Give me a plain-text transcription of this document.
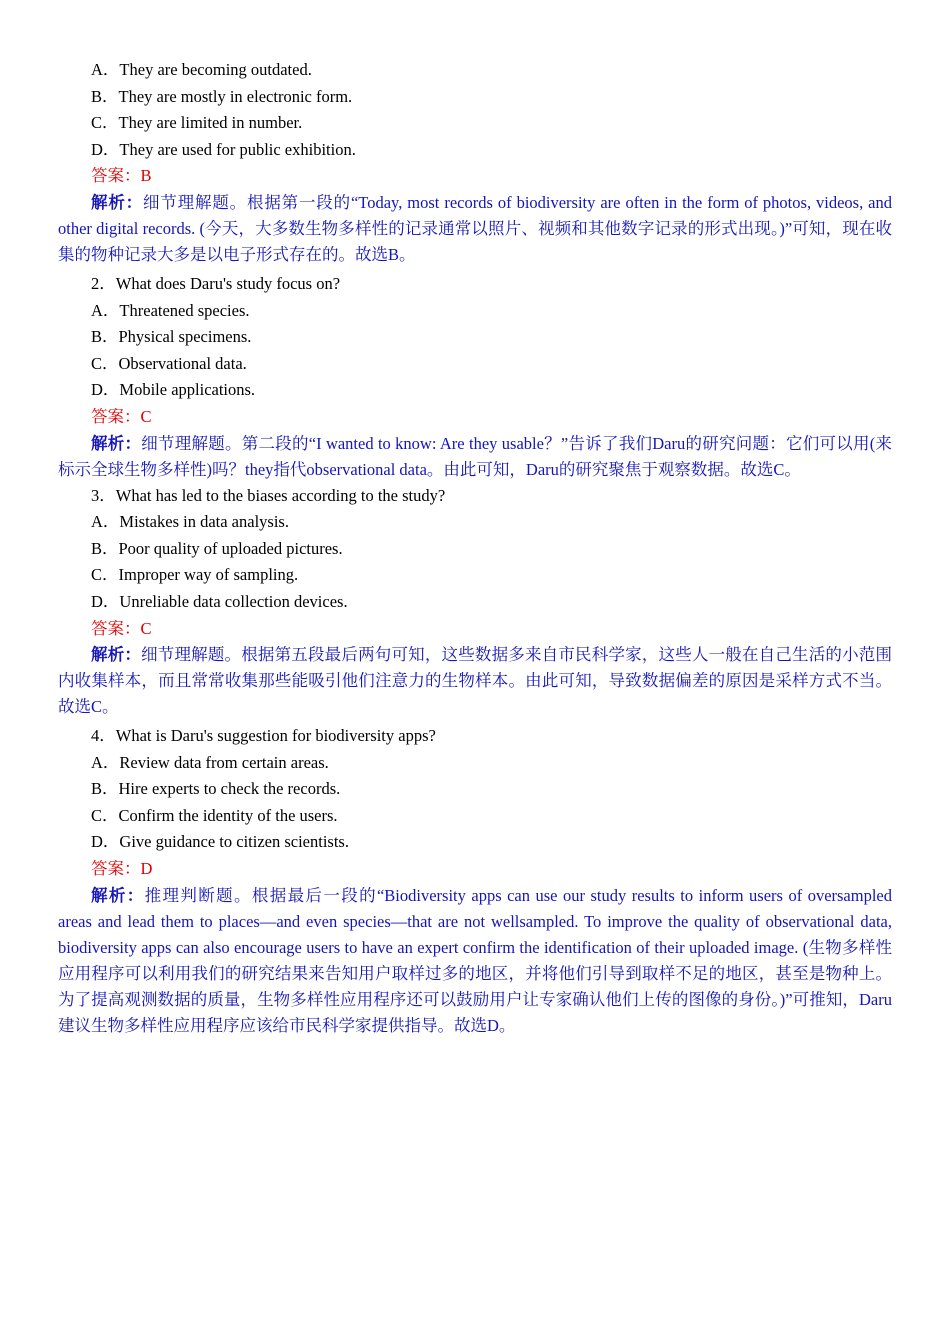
A．They are becoming outdated.

B．They are mostly in electronic form.

C．They are limited in number.

D．They are used for public exhibition.

答案：B

解析：细节理解题。根据第一段的“Today, most records of biodiversity are often in the form of photos, videos, and other digital records. (今天，大多数生物多样性的记录通常以照片、视频和其他数字记录的形式出现。)”可知，现在收集的物种记录大多是以电子形式存在的。故选B。

2．What does Daru's study focus on?

A．Threatened species.

B．Physical specimens.

C．Observational data.

D．Mobile applications.

答案：C

解析：细节理解题。第二段的“I wanted to know: Are they usable？”告诉了我们Daru的研究问题：它们可以用(来标示全球生物多样性)吗？they指代observational data。由此可知，Daru的研究聚焦于观察数据。故选C。

3．What has led to the biases according to the study?

A．Mistakes in data analysis.

B．Poor quality of uploaded pictures.

C．Improper way of sampling.

D．Unreliable data collection devices.

答案：C

解析：细节理解题。根据第五段最后两句可知，这些数据多来自市民科学家，这些人一般在自己生活的小范围内收集样本，而且常常收集那些能吸引他们注意力的生物样本。由此可知，导致数据偏差的原因是采样方式不当。故选C。

4．What is Daru's suggestion for biodiversity apps?

A．Review data from certain areas.

B．Hire experts to check the records.

C．Confirm the identity of the users.

D．Give guidance to citizen scientists.

答案：D

解析：推理判断题。根据最后一段的“Biodiversity apps can use our study results to inform users of oversampled areas and lead them to places—and even species—that are not wellsampled. To improve the quality of observational data, biodiversity apps can also encourage users to have an expert confirm the identification of their uploaded image. (生物多样性应用程序可以利用我们的研究结果来告知用户取样过多的地区，并将他们引导到取样不足的地区，甚至是物种上。为了提高观测数据的质量，生物多样性应用程序还可以鼓励用户让专家确认他们上传的图像的身份。)”可推知，Daru建议生物多样性应用程序应该给市民科学家提供指导。故选D。
